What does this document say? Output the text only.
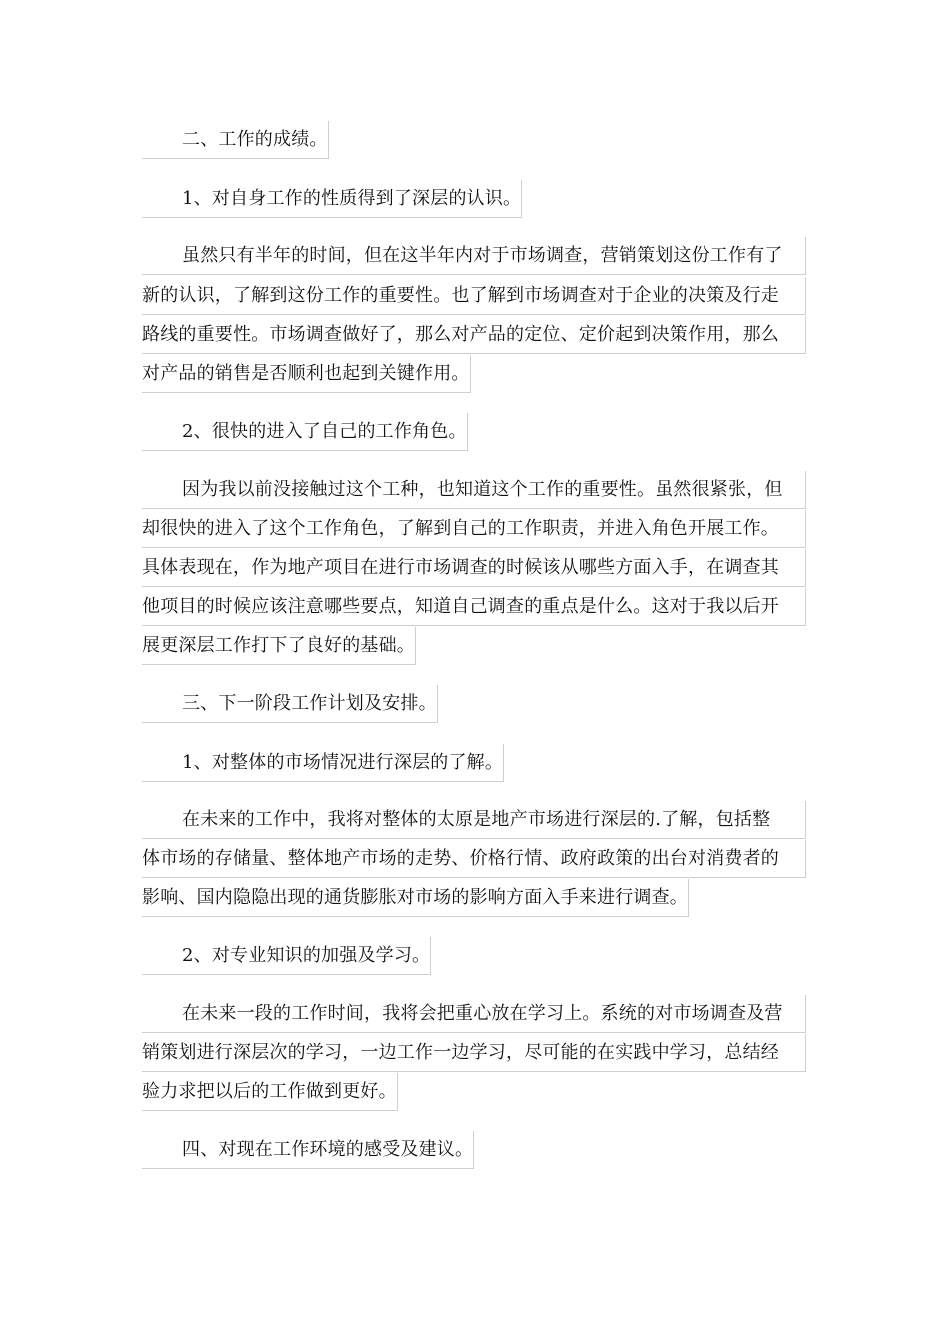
二、工作的成绩。
1、对自身工作的性质得到了深层的认识。
虽然只有半年的时间，但在这半年内对于市场调查，营销策划这份工作有了
新的认识，了解到这份工作的重要性。也了解到市场调查对于企业的决策及行走
路线的重要性。市场调查做好了，那么对产品的定位、定价起到决策作用，那么
对产品的销售是否顺利也起到关键作用。
2、很快的进入了自己的工作角色。
因为我以前没接触过这个工种，也知道这个工作的重要性。虽然很紧张，但
却很快的进入了这个工作角色，了解到自己的工作职责，并进入角色开展工作。
具体表现在，作为地产项目在进行市场调查的时候该从哪些方面入手，在调查其
他项目的时候应该注意哪些要点，知道自己调查的重点是什么。这对于我以后开
展更深层工作打下了良好的基础。
三、下一阶段工作计划及安排。
1、对整体的市场情况进行深层的了解。
在未来的工作中，我将对整体的太原是地产市场进行深层的.了解，包括整
体市场的存储量、整体地产市场的走势、价格行情、政府政策的出台对消费者的
影响、国内隐隐出现的通货膨胀对市场的影响方面入手来进行调查。
2、对专业知识的加强及学习。
在未来一段的工作时间，我将会把重心放在学习上。系统的对市场调查及营
销策划进行深层次的学习，一边工作一边学习，尽可能的在实践中学习，总结经
验力求把以后的工作做到更好。
四、对现在工作环境的感受及建议。
